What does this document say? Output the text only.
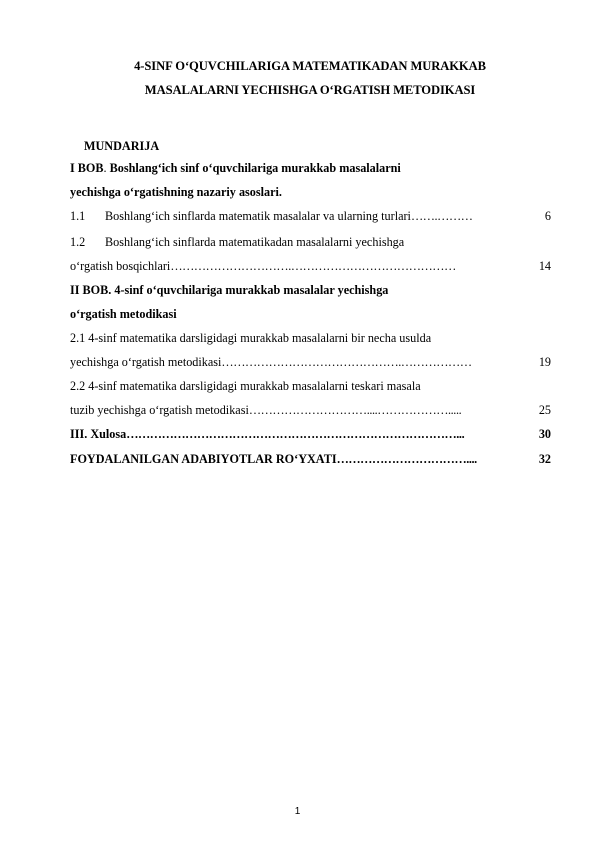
4-SINF O‘QUVCHILARIGA MATEMATIKADAN MURAKKAB
MASALALARNI YECHISHGA O‘RGATISH METODIKASI
MUNDARIJA
I BOB. Boshlang‘ich sinf o‘quvchilariga murakkab masalalarni
yechishga o‘rgatishning nazariy asoslari.
1.1 Boshlang‘ich sinflarda matematik masalalar va ularning turlari…….………	6
1.2 Boshlang‘ich sinflarda matematikadan masalalarni yechishga
o‘rgatish bosqichlari………………………….……………………………………	14
II BOB. 4-sinf o‘quvchilariga murakkab masalalar yechishga
o‘rgatish metodikasi
2.1 4-sinf matematika darsligidagi murakkab masalalarni bir necha usulda
yechishga o‘rgatish metodikasi……………………………………….………………	19
2.2 4-sinf matematika darsligidagi murakkab masalalarni teskari masala
tuzib yechishga o‘rgatish metodikasi…………………………....……………….....	25
III. Xulosa…………………………………………………………………………...	30
FOYDALANILGAN ADABIYOTLAR RO‘YXATI……………………………....	32
1
